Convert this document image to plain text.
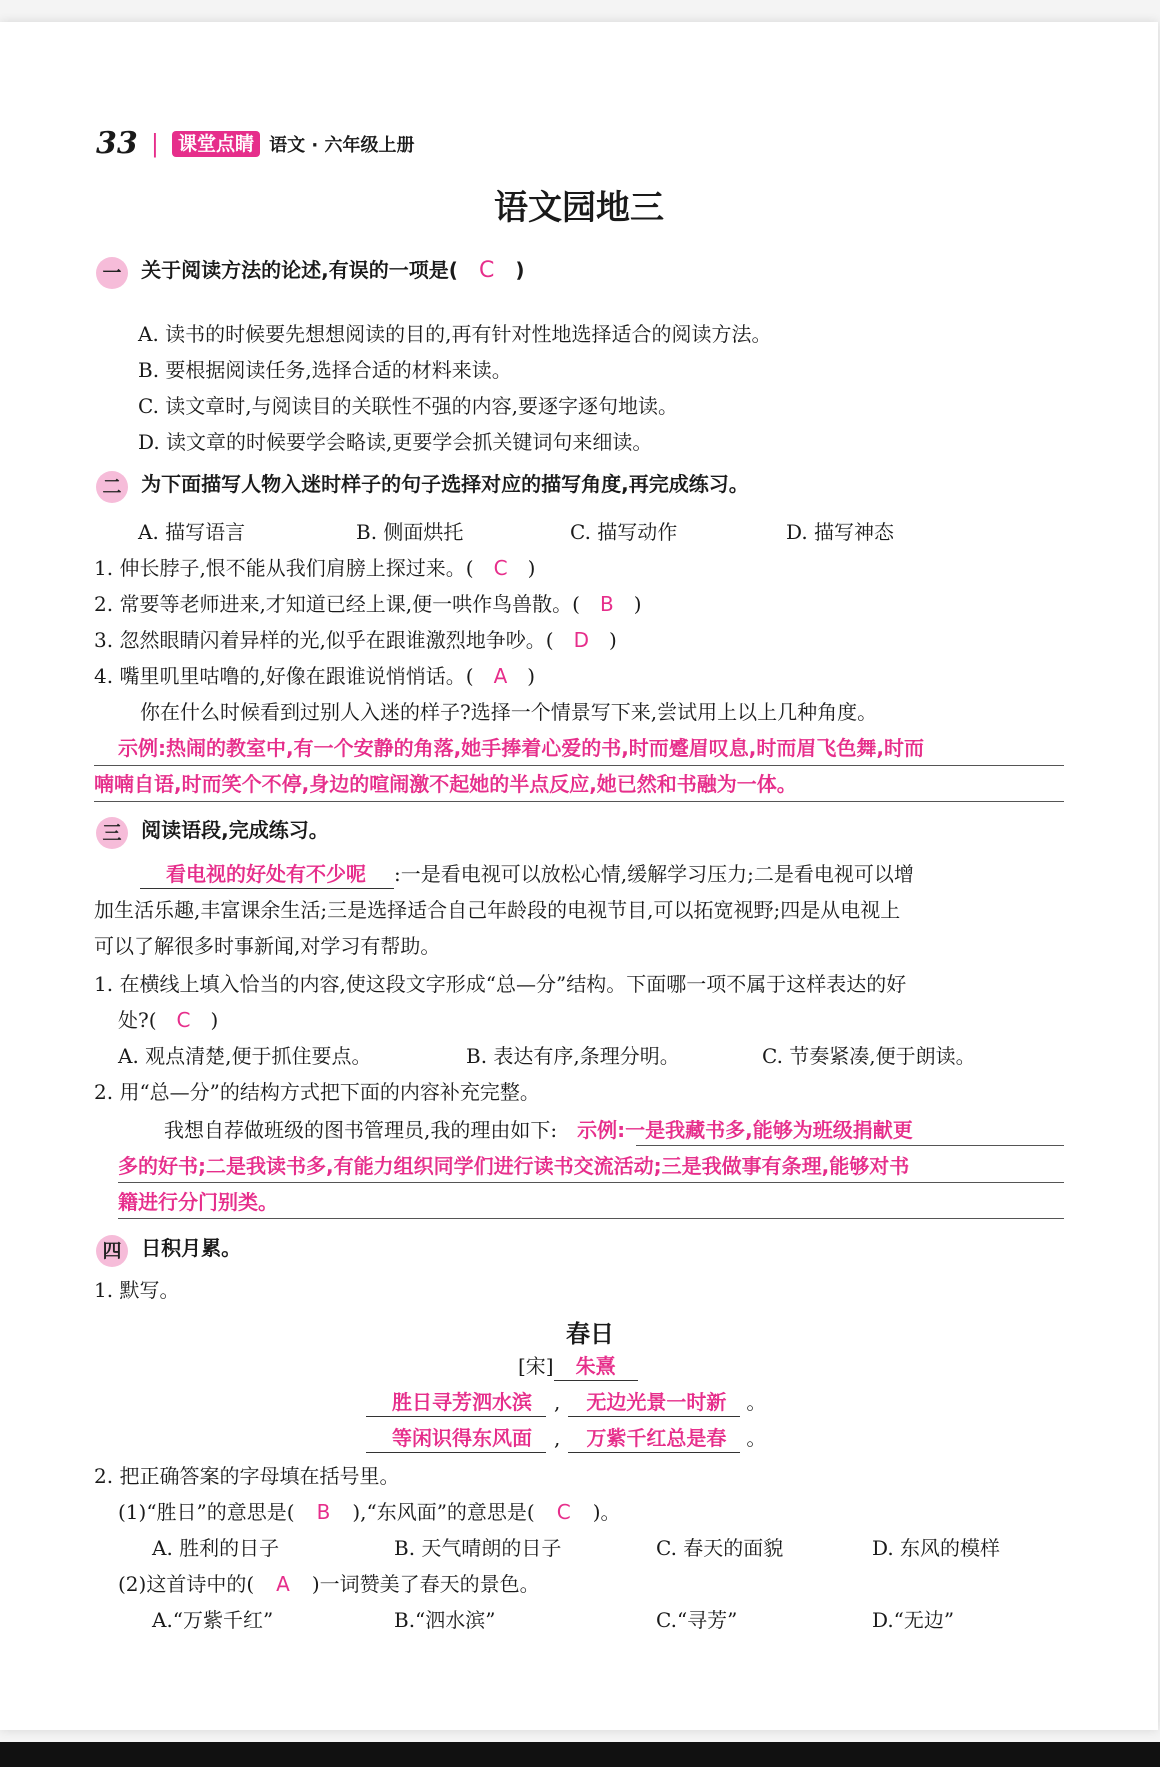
33 | 课堂点睛 语文 · 六年级上册
语文园地三
一 关于阅读方法的论述,有误的一项是( C )
A. 读书的时候要先想想阅读的目的,再有针对性地选择适合的阅读方法。
B. 要根据阅读任务,选择合适的材料来读。
C. 读文章时,与阅读目的关联性不强的内容,要逐字逐句地读。
D. 读文章的时候要学会略读,更要学会抓关键词句来细读。
二 为下面描写人物入迷时样子的句子选择对应的描写角度,再完成练习。
A. 描写语言	B. 侧面烘托	C. 描写动作	D. 描写神态
1. 伸长脖子,恨不能从我们肩膀上探过来。( C )
2. 常要等老师进来,才知道已经上课,便一哄作鸟兽散。( B )
3. 忽然眼睛闪着异样的光,似乎在跟谁激烈地争吵。( D )
4. 嘴里叽里咕噜的,好像在跟谁说悄悄话。( A )
你在什么时候看到过别人入迷的样子?选择一个情景写下来,尝试用上以上几种角度。
示例:热闹的教室中,有一个安静的角落,她手捧着心爱的书,时而蹙眉叹息,时而眉飞色舞,时而
喃喃自语,时而笑个不停,身边的喧闹激不起她的半点反应,她已然和书融为一体。
三 阅读语段,完成练习。
看电视的好处有不少呢 :一是看电视可以放松心情,缓解学习压力;二是看电视可以增
加生活乐趣,丰富课余生活;三是选择适合自己年龄段的电视节目,可以拓宽视野;四是从电视上
可以了解很多时事新闻,对学习有帮助。
1. 在横线上填入恰当的内容,使这段文字形成“总—分”结构。下面哪一项不属于这样表达的好
处?( C )
A. 观点清楚,便于抓住要点。	B. 表达有序,条理分明。	C. 节奏紧凑,便于朗读。
2. 用“总—分”的结构方式把下面的内容补充完整。
我想自荐做班级的图书管理员,我的理由如下: 示例:一是我藏书多,能够为班级捐献更
多的好书;二是我读书多,有能力组织同学们进行读书交流活动;三是我做事有条理,能够对书
籍进行分门别类。
四 日积月累。
1. 默写。
春日
[宋] 朱熹
胜日寻芳泗水滨 , 无边光景一时新 。
等闲识得东风面 , 万紫千红总是春 。
2. 把正确答案的字母填在括号里。
(1)“胜日”的意思是( B ),“东风面”的意思是( C )。
A. 胜利的日子	B. 天气晴朗的日子	C. 春天的面貌	D. 东风的模样
(2)这首诗中的( A )一词赞美了春天的景色。
A.“万紫千红”	B.“泗水滨”	C.“寻芳”	D.“无边”
